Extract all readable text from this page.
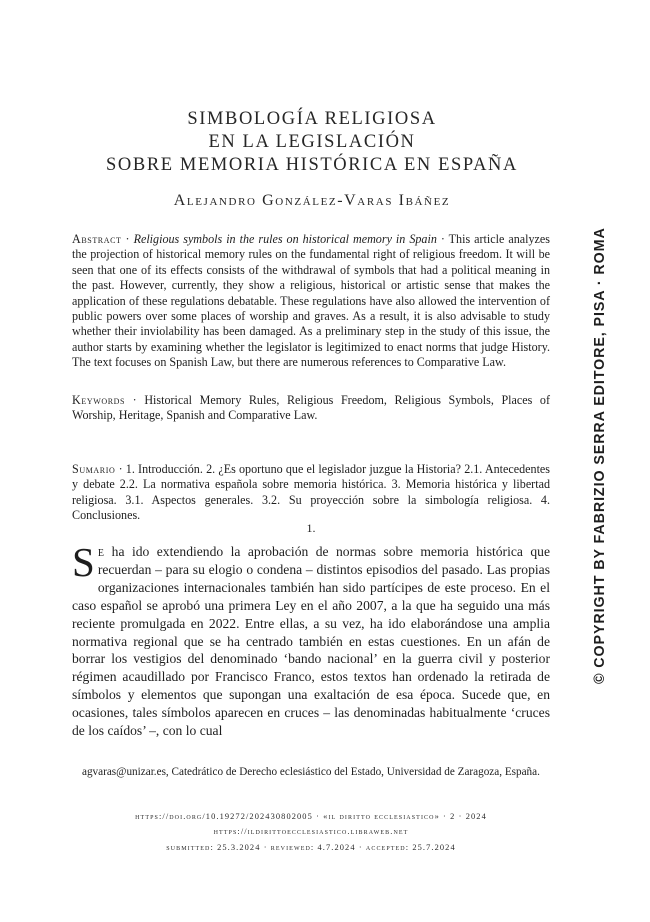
SIMBOLOGÍA RELIGIOSA
EN LA LEGISLACIÓN
SOBRE MEMORIA HISTÓRICA EN ESPAÑA
Alejandro González-Varas Ibáñez
Abstract · Religious symbols in the rules on historical memory in Spain · This article analyzes the projection of historical memory rules on the fundamental right of religious freedom. It will be seen that one of its effects consists of the withdrawal of symbols that had a political meaning in the past. However, currently, they show a religious, historical or artistic sense that makes the application of these regulations debatable. These regulations have also allowed the intervention of public powers over some places of worship and graves. As a result, it is also advisable to study whether their inviolability has been damaged. As a preliminary step in the study of this issue, the author starts by examining whether the legislator is legitimized to enact norms that judge History. The text focuses on Spanish Law, but there are numerous references to Comparative Law.
Keywords · Historical Memory Rules, Religious Freedom, Religious Symbols, Places of Worship, Heritage, Spanish and Comparative Law.
Sumario · 1. Introducción. 2. ¿Es oportuno que el legislador juzgue la Historia? 2.1. Antecedentes y debate 2.2. La normativa española sobre memoria histórica. 3. Memoria histórica y libertad religiosa. 3.1. Aspectos generales. 3.2. Su proyección sobre la simbología religiosa. 4. Conclusiones.
1.
Se ha ido extendiendo la aprobación de normas sobre memoria histórica que recuerdan – para su elogio o condena – distintos episodios del pasado. Las propias organizaciones internacionales también han sido partícipes de este proceso. En el caso español se aprobó una primera Ley en el año 2007, a la que ha seguido una más reciente promulgada en 2022. Entre ellas, a su vez, ha ido elaborándose una amplia normativa regional que se ha centrado también en estas cuestiones. En un afán de borrar los vestigios del denominado ‘bando nacional’ en la guerra civil y posterior régimen acaudillado por Francisco Franco, estos textos han ordenado la retirada de símbolos y elementos que supongan una exaltación de esa época. Sucede que, en ocasiones, tales símbolos aparecen en cruces – las denominadas habitualmente ‘cruces de los caídos’ –, con lo cual
agvaras@unizar.es, Catedrático de Derecho eclesiástico del Estado, Universidad de Zaragoza, España.
https://doi.org/10.19272/202430802005 · «il diritto ecclesiastico» · 2 · 2024
https://ildirittoecclesiastico.libraweb.net
submitted: 25.3.2024 · reviewed: 4.7.2024 · accepted: 25.7.2024
© COPYRIGHT BY FABRIZIO SERRA EDITORE, PISA · ROMA
